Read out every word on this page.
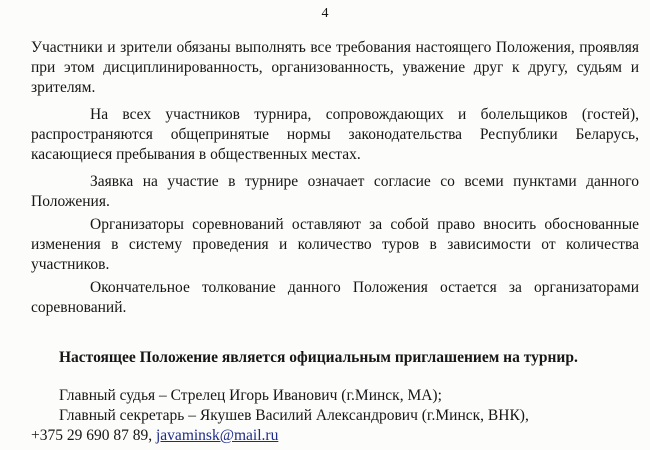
4

Участники и зрители обязаны выполнять все требования настоящего Положения, проявляя при этом дисциплинированность, организованность, уважение друг к другу, судьям и зрителям.

На всех участников турнира, сопровождающих и болельщиков (гостей), распространяются общепринятые нормы законодательства Республики Беларусь, касающиеся пребывания в общественных местах.

Заявка на участие в турнире означает согласие со всеми пунктами данного Положения.

Организаторы соревнований оставляют за собой право вносить обоснованные изменения в систему проведения и количество туров в зависимости от количества участников.

Окончательное толкование данного Положения остается за организаторами соревнований.

Настоящее Положение является официальным приглашением на турнир.

Главный судья – Стрелец Игорь Иванович (г.Минск, МА);

Главный секретарь – Якушев Василий Александрович (г.Минск, ВНК),

+375 29 690 87 89, javaminsk@mail.ru
